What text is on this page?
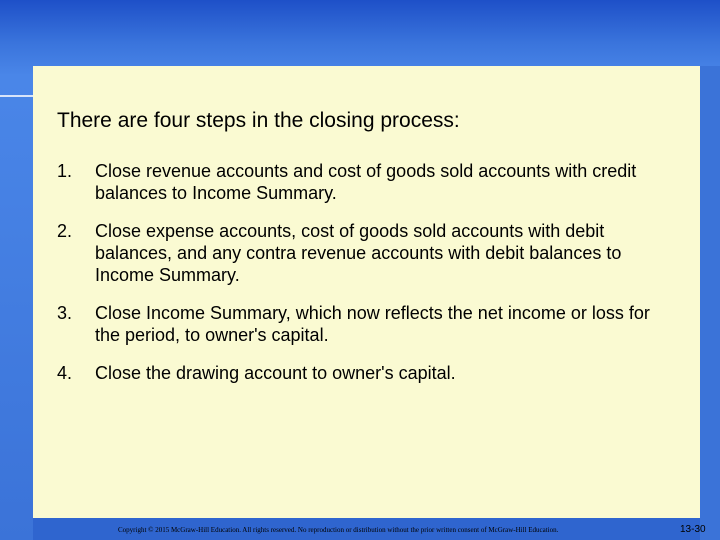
There are four steps in the closing process:
1. Close revenue accounts and cost of goods sold accounts with credit balances to Income Summary.
2. Close expense accounts, cost of goods sold accounts with debit balances, and any contra revenue accounts with debit balances to Income Summary.
3. Close Income Summary, which now reflects the net income or loss for the period, to owner's capital.
4. Close the drawing account to owner's capital.
Copyright © 2015 McGraw-Hill Education. All rights reserved. No reproduction or distribution without the prior written consent of McGraw-Hill Education.	13-30
